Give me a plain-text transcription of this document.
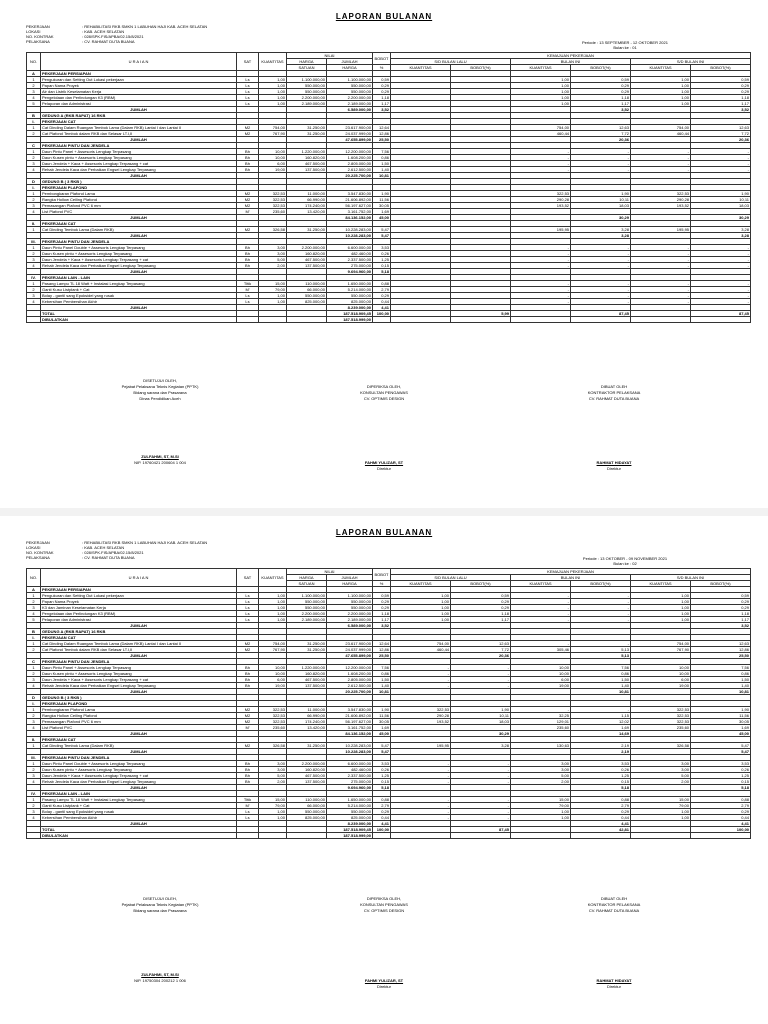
LAPORAN BULANAN
PEKERJAAN	: REHABILITASI RKB SMKN 1 LABUHAN HAJI KAB. ACEH SELATAN
LOKASI	: KAB. ACEH SELATAN
NO. KONTRAK	: 028/SPK.FIS/APBA/02.15/8/2021
PELAKSANA	: CV. RAHMAT DUTA BUANA	Periode : 13 SEPTEMBER - 12 OKTOBER 2021
Bulan ke : 01
NO.	U R A I A N	SAT	KUANTITAS	NILAI		BOBOT	KEMAJUAN PEKERJAAN					
				HARGA	JUMLAH		S/D BULAN LALU		BULAN INI		S/D BULAN INI	
				SATUAN	HARGA	%	KUANTITAS	BOBOT(%)	KUANTITAS	BOBOT(%)	KUANTITAS	BOBOT(%)
A	PEKERJAAN PERSIAPAN											
1	Pengukuran dan Setting Out Lokasi pekerjaan	Ls	1,00	1.100.000,00	1.100.000,00	0,59			1,00	0,59	1,00	0,59
2	Papan Nama Proyek	Ls	1,00	550.000,00	550.000,00	0,29			1,00	0,29	1,00	0,29
3	Air dan Listrik Keselamatan Kerja	Ls	1,00	550.000,00	550.000,00	0,29			1,00	0,29	1,00	0,29
4	Pengelolaan dan Perlindungan K3 (RBM)	Ls	1,00	2.200.000,00	2.200.000,00	1,18			1,00	1,18	1,00	1,18
5	Pelaporan dan Administrasi	Ls	1,00	2.189.000,00	2.189.000,00	1,17			1,00	1,17	1,00	1,17
	JUMLAH				6.589.000,00	3,52				3,52		3,52
B	GEDUNG A (RKB RAPAT) 16 RKB											
I.	PEKERJAAN CAT											
1	Cat Dinding Dalam Ruangan Tembok Lama (Dalam RKB) Lantai I dan Lantai II	M2	754,00	31.250,00	23.617.900,00	12,64			754,00	12,63	754,00	12,63
2	Cat Plafond Tembok dalam RKB dan Selasar LT.I,II	M2	767,90	31.250,00	24.037.999,00	12,86			460,44	7,72	460,44	7,72
	JUMLAH				47.655.899,00	25,50				20,36		20,36
C	PEKERJAAN PINTU DAN JENDELA											
1	Daun Pintu Panel + Assesoris Lengkap Terpasang	Bh	10,00	1.220.000,00	12.200.000,00	7,56			-	-	-	-
2	Daun Kusen pintu + Assesoris Lengkap Terpasang	Bh	10,00	160.820,00	1.608.200,00	0,86			-	-	-	-
3	Daun Jendela + Kaca + Assesoris Lengkap Terpasang + cat	Bh	6,00	467.500,00	2.805.000,00	1,50			-	-	-	-
4	Rehab Jendela Kaca dan Perbaikan Engsel Lengkap Terpasang	Bh	19,00	137.500,00	2.612.500,00	1,40			-	-	-	-
	JUMLAH				20.225.700,00	10,81						
D	GEDUNG B ( 3 RKB )											
I.	PEKERJAAN PLAFOND											
1	Pembongkaran Plafond Lama	M2	322,53	11.000,00	3.547.830,00	1,90			322,53	1,90	322,53	1,90
2	Rangka Hollow Ceiling Plafond	M2	322,53	66.990,00	21.606.892,00	11,56			290,28	10,11	290,28	10,11
3	Pemasangan Plafond PVC 6 mm	M2	322,53	174.240,00	56.197.627,00	30,05			193,52	18,03	193,52	18,03
4	List Plafond PVC	M'	235,60	13.420,00	3.161.752,00	1,69						
	JUMLAH				84.136.152,00	45,00				30,29		30,29
II.	PEKERJAAN CAT											
1	Cat Dinding Tembok Lama (Dalam RKB)	M2	326,58	31.250,00	10.228.283,00	5,47			195,95	3,28	195,95	3,28
	JUMLAH				10.228.283,00	5,47				3,28		3,28
III.	PEKERJAAN PINTU DAN JENDELA											
1	Daun Pintu Panel Double + Assesoris Lengkap Terpasang	Bh	3,00	2.200.000,00	6.600.000,00	3,53			-	-	-	-
2	Daun Kusen pintu + Assesoris Lengkap Terpasang	Bh	3,00	160.820,00	482.460,00	0,26			-	-	-	-
3	Daun Jendela + Kaca + Assesoris Lengkap Terpasang + cat	Bh	5,00	467.500,00	2.337.500,00	1,25			-	-	-	-
4	Rehab Jendela Kaca dan Perbaikan Engsel Lengkap Terpasang	Bh	2,00	137.500,00	275.000,00	0,15			-	-	-	-
	JUMLAH				9.694.960,00	5,18						
IV.	PEKERJAAN LAIN - LAIN											
1	Pasang Lampu TL 18 Watt + Instalasi Lengkap Terpasang	Titik	15,00	110.000,00	1.650.000,00	0,88			-	-	-	-
2	Ganti Kusu Listplank + Cat	M'	79,00	66.000,00	5.214.000,00	2,79			-	-	-	-
3	Bolay - gantil sang Epoksidel yang rusak	Ls	1,00	550.000,00	550.000,00	0,29			-	-	-	-
4	Kebersihan Pembersihan Akhir	Ls	1,00	825.000,00	825.000,00	0,44			-	-	-	-
	JUMLAH				8.239.000,00	4,41						
	TOTAL				187.518.909,45	100,00		5,99		87,45		87,45
	DIBULATKAN				187.518.999,00							
DISETUJUI OLEH,
Pejabat Pelaksana Teknis Kegiatan (PPTK)
Bidang sarana dan Prasarana
Dinas Pendidikan Aceh
ZULFAHMI, ST, M.SI
NIP. 19760421 200604 1 004
DIPERIKSA OLEH,
KONSULTAN PENGAWAS
CV. OPTIMIS DESIGN
FAHMI YULIZAR, ST
Direktur
DIBUAT OLEH
KONTRAKTOR PELAKSANA
CV. RAHMAT DUTA BUANA
RAHMAT HIDAYAT
Direktur
LAPORAN BULANAN
PEKERJAAN	: REHABILITASI RKB SMKN 1 LABUHAN HAJI KAB. ACEH SELATAN
LOKASI	: KAB. ACEH SELATAN
NO. KONTRAK	: 028/SPK.FIS/APBA/02.15/8/2021
PELAKSANA	: CV. RAHMAT DUTA BUANA	Periode : 13 OKTOBER - 09 NOVEMBER 2021
Bulan ke : 02
NO.	U R A I A N	SAT	KUANTITAS	NILAI		BOBOT	KEMAJUAN PEKERJAAN					
				HARGA	JUMLAH		S/D BULAN LALU		BULAN INI		S/D BULAN INI	
				SATUAN	HARGA	%	KUANTITAS	BOBOT(%)	KUANTITAS	BOBOT(%)	KUANTITAS	BOBOT(%)
A	PEKERJAAN PERSIAPAN											
1	Pengukuran dan Setting Out Lokasi pekerjaan	Ls	1,00	1.100.000,00	1.100.000,00	0,59	1,00	0,59	-	-	1,00	0,59
2	Papan Nama Proyek	Ls	1,00	550.000,00	550.000,00	0,29	1,00	0,29	-	-	1,00	0,29
3	K3 dan Jaminan Keselamatan Kerja	Ls	1,00	550.000,00	550.000,00	0,29	1,00	0,29	-	-	1,00	0,29
4	Pengelolaan dan Perlindungan K3 (RBM)	Ls	1,00	2.200.000,00	2.200.000,00	1,18	1,00	1,18	-	-	1,00	1,18
5	Pelaporan dan Administrasi	Ls	1,00	2.189.000,00	2.189.000,00	1,17	1,00	1,17	-	-	1,00	1,17
	JUMLAH				6.589.000,00	3,52						3,52
B	GEDUNG A (RKB RAPAT) 16 RKB											
I.	PEKERJAAN CAT											
1	Cat Dinding Dalam Ruangan Tembok Lama (Dalam RKB) Lantai I dan Lantai II	M2	754,00	31.250,00	23.617.900,00	12,64	754,00	12,63	-	-	754,00	12,63
2	Cat Plafond Tembok dalam RKB dan Selasar LT.I,II	M2	767,90	31.250,00	24.037.999,00	12,86	460,44	7,72	305,46	5,13	767,90	12,86
	JUMLAH				47.655.899,00	25,50		20,36		5,13		25,50
C	PEKERJAAN PINTU DAN JENDELA											
1	Daun Pintu Panel + Assesoris Lengkap Terpasang	Bh	10,00	1.220.000,00	12.200.000,00	7,56	-	-	10,00	7,56	10,00	7,56
2	Daun Kusen pintu + Assesoris Lengkap Terpasang	Bh	10,00	160.820,00	1.608.200,00	0,86	-	-	10,00	0,86	10,00	0,86
3	Daun Jendela + Kaca + Assesoris Lengkap Terpasang + cat	Bh	6,00	467.500,00	2.805.000,00	1,50	-	-	6,00	1,50	6,00	1,50
4	Rehab Jendela Kaca dan Perbaikan Engsel Lengkap Terpasang	Bh	19,00	137.500,00	2.612.500,00	1,40	-	-	19,00	1,40	19,00	1,40
	JUMLAH				20.225.700,00	10,81				10,81		10,81
D	GEDUNG B ( 3 RKB )											
I.	PEKERJAAN PLAFOND											
1	Pembongkaran Plafond Lama	M2	322,53	11.000,00	3.547.830,00	1,90	322,53	1,90	-	-	322,53	1,90
2	Rangka Hollow Ceiling Plafond	M2	322,53	66.990,00	21.606.892,00	11,56	290,28	10,11	32,25	1,15	322,53	11,56
3	Pemasangan Plafond PVC 6 mm	M2	322,53	174.240,00	56.197.627,00	30,05	193,52	18,03	129,01	12,02	322,53	30,05
4	List Plafond PVC	M'	235,60	13.420,00	3.161.752,00	1,69			235,60	1,69	235,60	1,69
	JUMLAH				84.136.152,00	45,00		30,29		14,69		45,00
II.	PEKERJAAN CAT											
1	Cat Dinding Tembok Lama (Dalam RKB)	M2	326,58	31.250,00	10.228.283,00	5,47	195,95	3,28	130,63	2,19	326,58	5,47
	JUMLAH				10.228.283,00	5,47				2,19		5,47
III.	PEKERJAAN PINTU DAN JENDELA											
1	Daun Pintu Panel Double + Assesoris Lengkap Terpasang	Bh	3,00	2.200.000,00	6.600.000,00	3,53	-	-	3,00	3,53	3,00	3,53
2	Daun Kusen pintu + Assesoris Lengkap Terpasang	Bh	3,00	160.820,00	482.460,00	0,26	-	-	3,00	0,26	3,00	0,26
3	Daun Jendela + Kaca + Assesoris Lengkap Terpasang + cat	Bh	5,00	467.500,00	2.337.500,00	1,25	-	-	5,00	1,25	5,00	1,25
4	Rehab Jendela Kaca dan Perbaikan Engsel Lengkap Terpasang	Bh	2,00	137.500,00	275.000,00	0,15	-	-	2,00	0,15	2,00	0,15
	JUMLAH				9.694.960,00	5,18				5,18		5,18
IV.	PEKERJAAN LAIN - LAIN											
1	Pasang Lampu TL 18 Watt + Instalasi Lengkap Terpasang	Titik	15,00	110.000,00	1.650.000,00	0,88	-	-	15,00	0,88	15,00	0,88
2	Ganti Kusu Listplank + Cat	M'	79,00	66.000,00	5.214.000,00	2,79	-	-	79,00	2,79	79,00	2,79
3	Bolay - gantil sang Epoksidel yang rusak	Ls	1,00	550.000,00	550.000,00	0,29	-	-	1,00	0,29	1,00	0,29
4	Kebersihan Pembersihan Akhir	Ls	1,00	825.000,00	825.000,00	0,44	-	-	1,00	0,44	1,00	0,44
	JUMLAH				8.239.000,00	4,41				4,41		4,41
	TOTAL				187.518.909,45	100,00		87,45		42,81		100,00
	DIBULATKAN				187.518.999,00							
DISETUJUI OLEH,
Pejabat Pelaksana Teknis Kegiatan (PPTK)
Bidang sarana dan Prasarana
ZULFAHMI, ST, M.SI
NIP. 19750304 200212 1 006
DIPERIKSA OLEH,
KONSULTAN PENGAWAS
CV. OPTIMIS DESIGN
FAHMI YULIZAR, ST
Direktur
DIBUAT OLEH
KONTRAKTOR PELAKSANA
CV. RAHMAT DUTA BUANA
RAHMAT HIDAYAT
Direktur
